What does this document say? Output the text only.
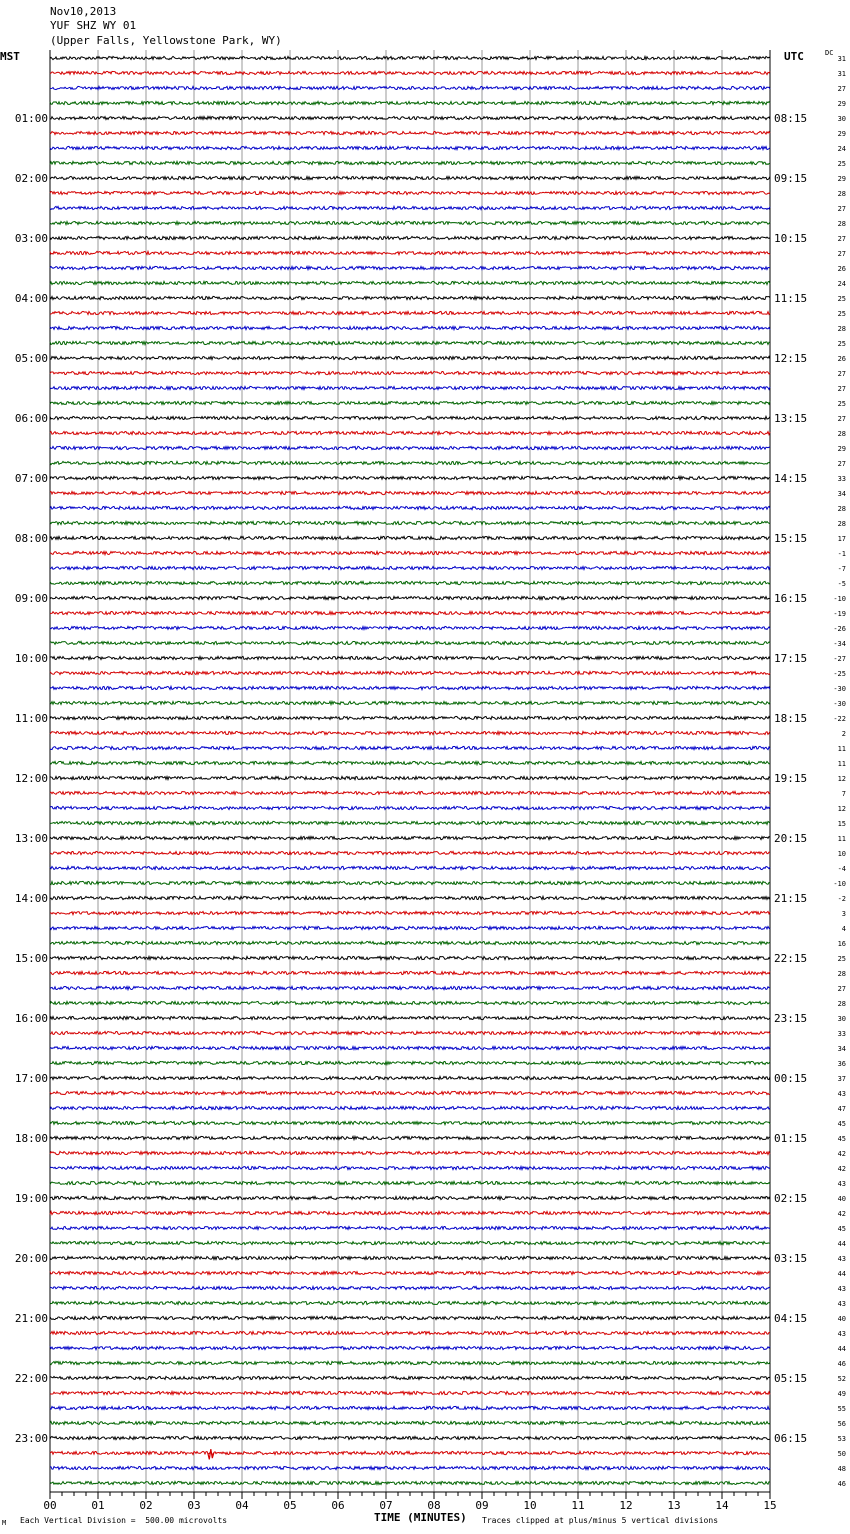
00	01	02	03	04	05	06	07	08	09	10	11	12	13	14	15
31
31
27
29
30
29
24
25
29
28
27
28
27
27
26
24
25
25
28
25
26
27
27
25
27
28
29
27
33
34
28
28
17
-1
-7
-5
-10
-19
-26
-34
-27
-25
-30
-30
-22
2
11
11
12
7
12
15
11
10
-4
-10
-2
3
4
16
25
28
27
28
30
33
34
36
37
43
47
45
45
42
42
43
40
42
45
44
43
44
43
43
40
43
44
46
52
49
55
56
53
50
48
46
01:00
02:00
03:00
04:00
05:00
06:00
07:00
08:00
09:00
10:00
11:00
12:00
13:00
14:00
15:00
16:00
17:00
18:00
19:00
20:00
21:00
22:00
23:00
08:15
09:15
10:15
11:15
12:15
13:15
14:15
15:15
16:15
17:15
18:15
19:15
20:15
21:15
22:15
23:15
00:15
01:15
02:15
03:15
04:15
05:15
06:15
Nov10,2013
YUF SHZ WY 01
(Upper Falls, Yellowstone Park, WY)
MST	UTC	DC
Each Vertical Division =  500.00 microvolts	TIME (MINUTES) Traces clipped at plus/minus 5 vertical divisions
M
